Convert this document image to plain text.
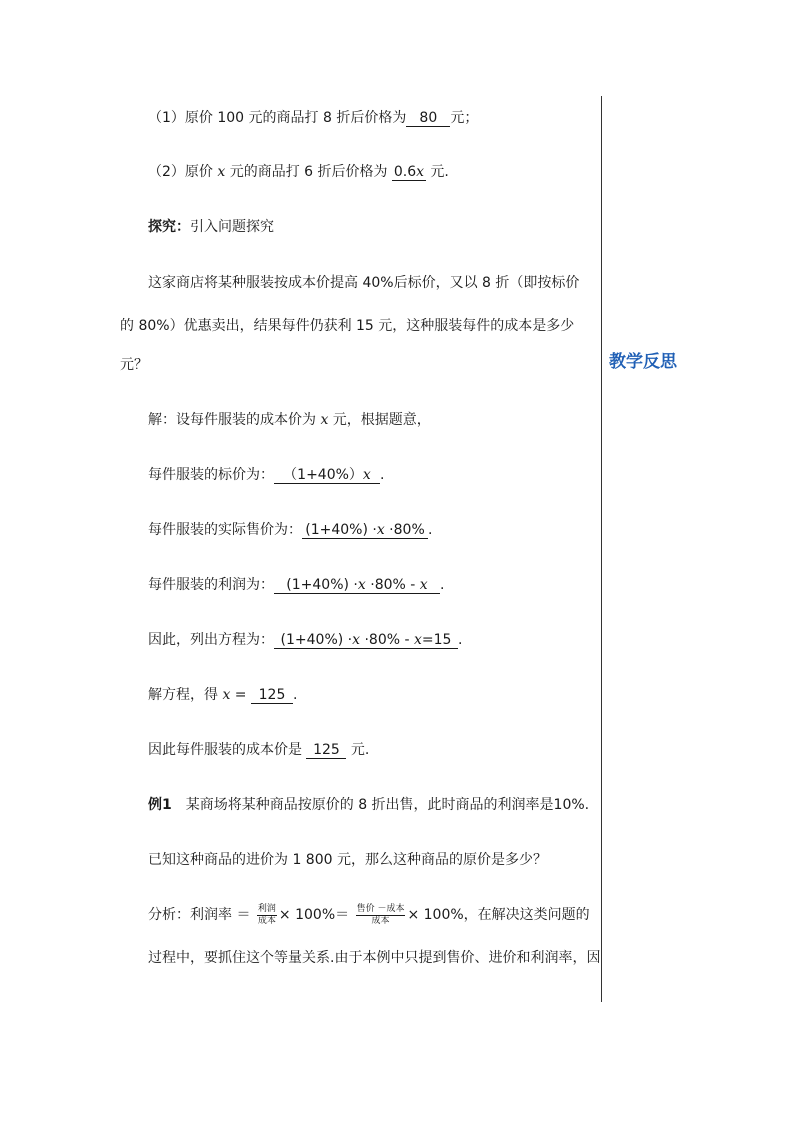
（1）原价 100 元的商品打 8 折后价格为 80 元；
（2）原价 x 元的商品打 6 折后价格为 0.6x 元.
探究：引入问题探究
这家商店将某种服装按成本价提高 40%后标价，又以 8 折（即按标价
的 80%）优惠卖出，结果每件仍获利 15 元，这种服装每件的成本是多少
元？
解：设每件服装的成本价为 x 元，根据题意，
每件服装的标价为： （1+40%）x .
每件服装的实际售价为： (1+40%) ·x ·80% .
每件服装的利润为： (1+40%) ·x ·80% - x .
因此，列出方程为： (1+40%) ·x ·80% - x=15 .
解方程，得 x = 125 .
因此每件服装的成本价是 125 元.
例1　某商场将某种商品按原价的 8 折出售，此时商品的利润率是10%.
已知这种商品的进价为 1 800 元，那么这种商品的原价是多少？
分析：利润率 ＝ $\frac{\text{利润}}{\text{成本}} \times 100\%= \frac{\text{售价 －成本}}{\text{成本}} \times 100\%$，在解决这类问题的
过程中，要抓住这个等量关系.由于本例中只提到售价、进价和利润率，因
教学反思
